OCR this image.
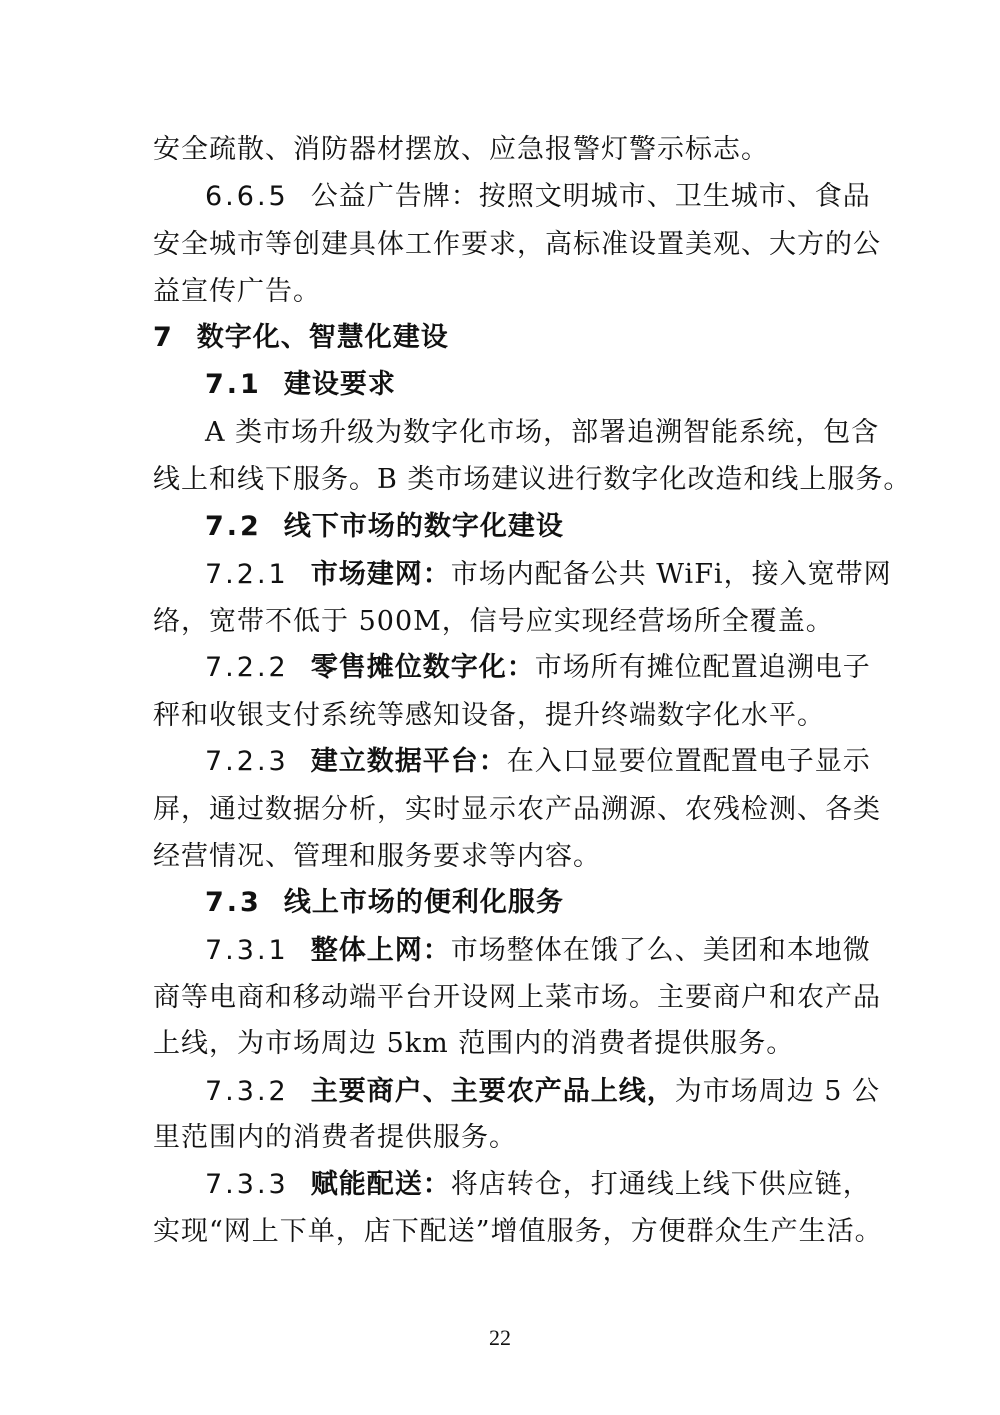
安全疏散、消防器材摆放、应急报警灯警示标志。
6.6.5 公益广告牌：按照文明城市、卫生城市、食品
安全城市等创建具体工作要求，高标准设置美观、大方的公
益宣传广告。
7 数字化、智慧化建设
7.1 建设要求
A 类市场升级为数字化市场，部署追溯智能系统，包含
线上和线下服务。B 类市场建议进行数字化改造和线上服务。
7.2 线下市场的数字化建设
7.2.1 市场建网：市场内配备公共 WiFi，接入宽带网
络，宽带不低于 500M，信号应实现经营场所全覆盖。
7.2.2 零售摊位数字化：市场所有摊位配置追溯电子
秤和收银支付系统等感知设备，提升终端数字化水平。
7.2.3 建立数据平台：在入口显要位置配置电子显示
屏，通过数据分析，实时显示农产品溯源、农残检测、各类
经营情况、管理和服务要求等内容。
7.3 线上市场的便利化服务
7.3.1 整体上网：市场整体在饿了么、美团和本地微
商等电商和移动端平台开设网上菜市场。主要商户和农产品
上线，为市场周边 5km 范围内的消费者提供服务。
7.3.2 主要商户、主要农产品上线，为市场周边 5 公
里范围内的消费者提供服务。
7.3.3 赋能配送：将店转仓，打通线上线下供应链，
实现“网上下单，店下配送”增值服务，方便群众生产生活。
22
